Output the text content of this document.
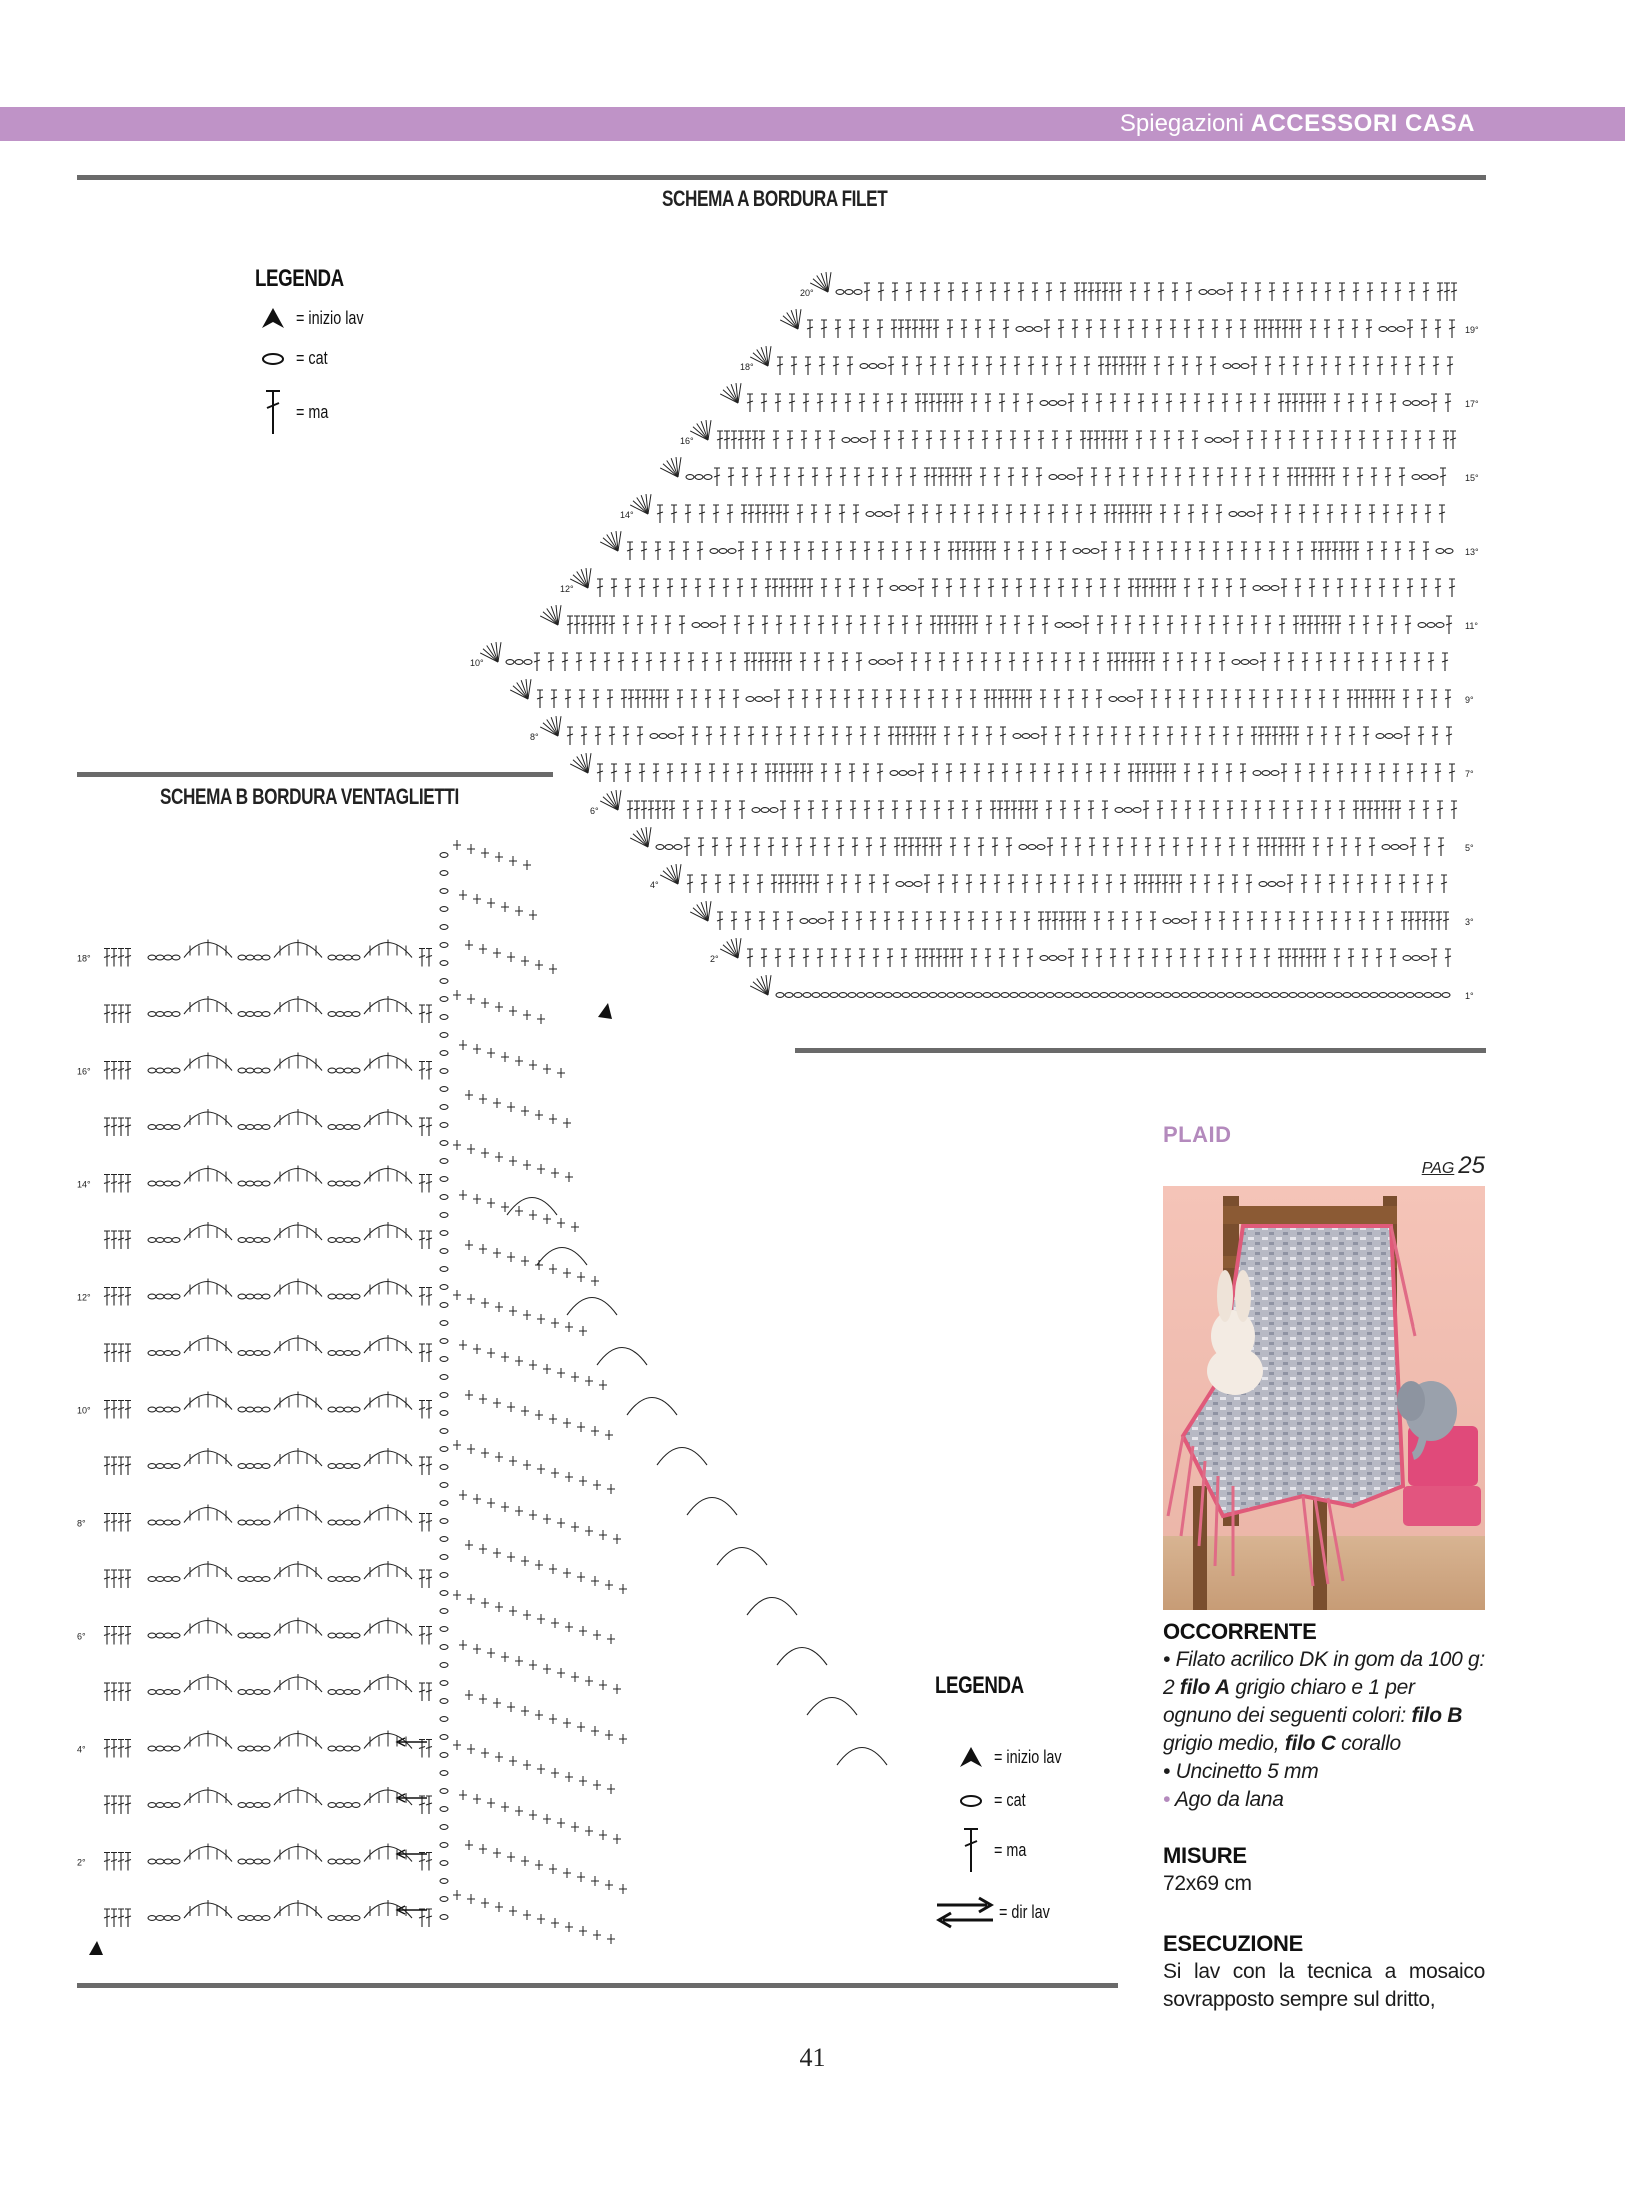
Spiegazioni ACCESSORI CASA
SCHEMA A BORDURA FILET
LEGENDA
= inizio lav
= cat
= ma
1°
2°
3°
4°
5°
6°
7°
8°
9°
10°
11°
12°
13°
14°
15°
16°
17°
18°
19°
20°
SCHEMA B BORDURA VENTAGLIETTI
2°
4°
6°
8°
10°
12°
14°
16°
18°
LEGENDA
= inizio lav
= cat
= ma
= dir lav
PLAID
PAG 25

OCCORRENTE

• Filato acrilico DK in gom da 100 g: 2 filo A grigio chiaro e 1 per ognuno dei seguenti colori: filo B grigio medio, filo C corallo

• Uncinetto 5 mm

• Ago da lana

MISURE

72x69 cm

ESECUZIONE

Si lav con la tecnica a mosaico sovrapposto sempre sul dritto,

41
